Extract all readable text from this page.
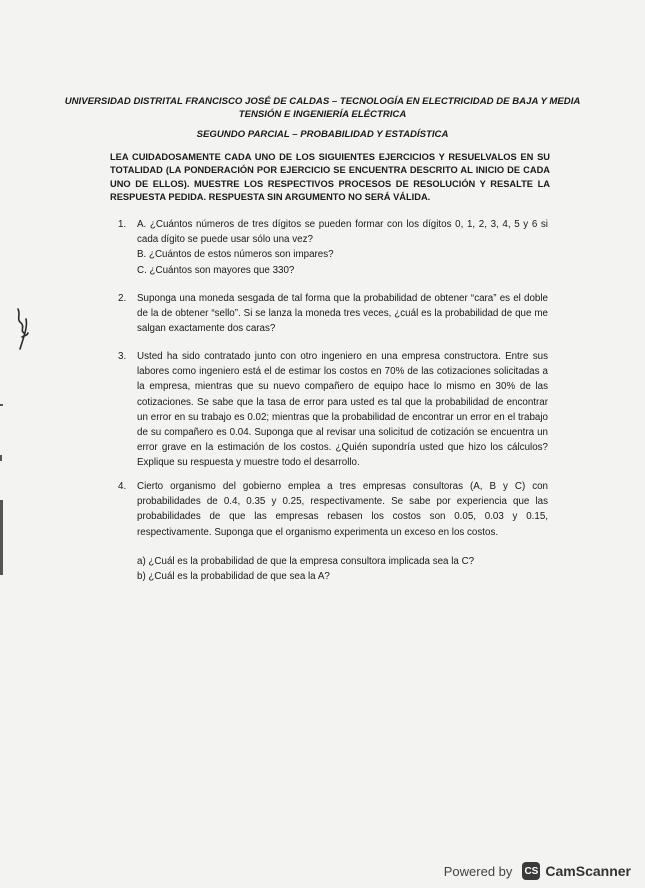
UNIVERSIDAD DISTRITAL FRANCISCO JOSÉ DE CALDAS – TECNOLOGÍA EN ELECTRICIDAD DE BAJA Y MEDIA
TENSIÓN E INGENIERÍA ELÉCTRICA
SEGUNDO PARCIAL – PROBABILIDAD Y ESTADÍSTICA
LEA CUIDADOSAMENTE CADA UNO DE LOS SIGUIENTES EJERCICIOS Y RESUELVALOS EN SU TOTALIDAD (LA PONDERACIÓN POR EJERCICIO SE ENCUENTRA DESCRITO AL INICIO DE CADA UNO DE ELLOS). MUESTRE LOS RESPECTIVOS PROCESOS DE RESOLUCIÓN Y RESALTE LA RESPUESTA PEDIDA. RESPUESTA SIN ARGUMENTO NO SERÁ VÁLIDA.
1. A. ¿Cuántos números de tres dígitos se pueden formar con los dígitos 0, 1, 2, 3, 4, 5 y 6 si cada dígito se puede usar sólo una vez?
B. ¿Cuántos de estos números son impares?
C. ¿Cuántos son mayores que 330?
2. Suponga una moneda sesgada de tal forma que la probabilidad de obtener “cara” es el doble de la de obtener “sello”. Si se lanza la moneda tres veces, ¿cuál es la probabilidad de que me salgan exactamente dos caras?
3. Usted ha sido contratado junto con otro ingeniero en una empresa constructora. Entre sus labores como ingeniero está el de estimar los costos en 70% de las cotizaciones solicitadas a la empresa, mientras que su nuevo compañero de equipo hace lo mismo en 30% de las cotizaciones. Se sabe que la tasa de error para usted es tal que la probabilidad de encontrar un error en su trabajo es 0.02; mientras que la probabilidad de encontrar un error en el trabajo de su compañero es 0.04. Suponga que al revisar una solicitud de cotización se encuentra un error grave en la estimación de los costos. ¿Quién supondría usted que hizo los cálculos? Explique su respuesta y muestre todo el desarrollo.
4. Cierto organismo del gobierno emplea a tres empresas consultoras (A, B y C) con probabilidades de 0.4, 0.35 y 0.25, respectivamente. Se sabe por experiencia que las probabilidades de que las empresas rebasen los costos son 0.05, 0.03 y 0.15, respectivamente. Suponga que el organismo experimenta un exceso en los costos.
a) ¿Cuál es la probabilidad de que la empresa consultora implicada sea la C?
b) ¿Cuál es la probabilidad de que sea la A?
Powered by CS CamScanner
